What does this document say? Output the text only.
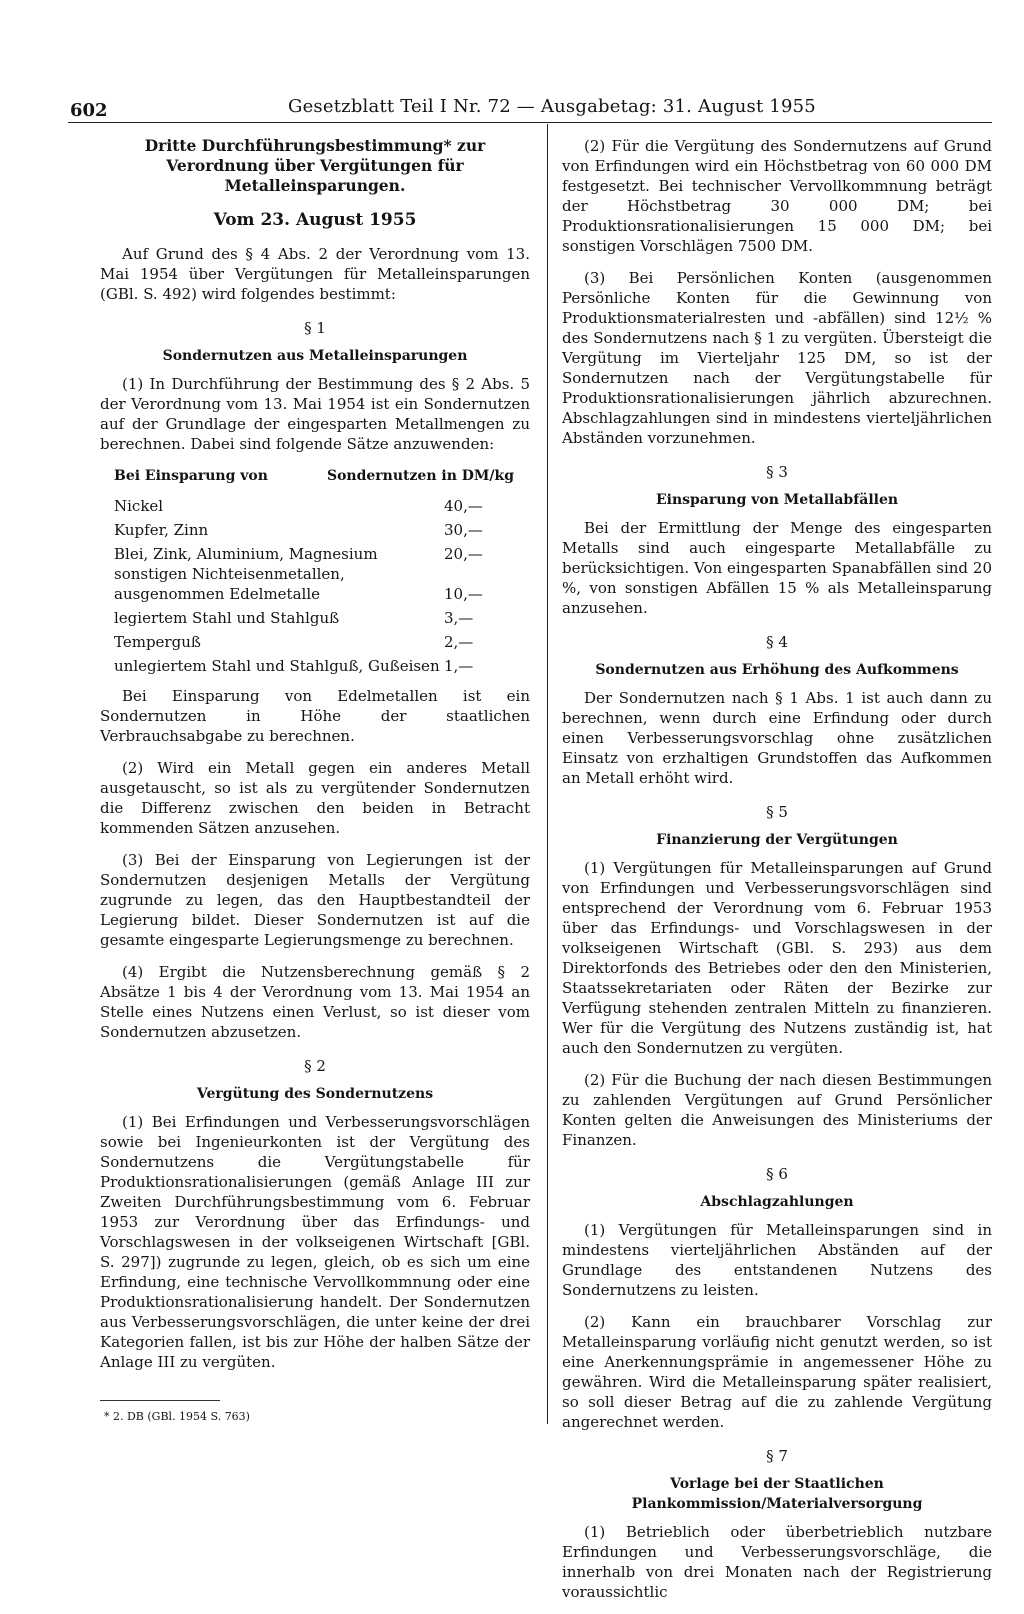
602	Gesetzblatt Teil I Nr. 72 — Ausgabetag: 31. August 1955
Dritte Durchführungsbestimmung* zur Verordnung über Vergütungen für Metalleinsparungen.
Vom 23. August 1955

Auf Grund des § 4 Abs. 2 der Verordnung vom 13. Mai 1954 über Vergütungen für Metalleinsparungen (GBl. S. 492) wird folgendes bestimmt:

§ 1
Sondernutzen aus Metalleinsparungen

(1) In Durchführung der Bestimmung des § 2 Abs. 5 der Verordnung vom 13. Mai 1954 ist ein Sondernutzen auf der Grundlage der eingesparten Metallmengen zu berechnen. Dabei sind folgende Sätze anzuwenden:

Bei Einsparung von	Sondernutzen in DM/kg
Nickel	40,—
Kupfer, Zinn	30,—
Blei, Zink, Aluminium, Magnesium	20,—
sonstigen Nichteisenmetallen, ausgenommen Edelmetalle	10,—
legiertem Stahl und Stahlguß	3,—
Temperguß	2,—
unlegiertem Stahl und Stahlguß, Gußeisen 1,—

Bei Einsparung von Edelmetallen ist ein Sondernutzen in Höhe der staatlichen Verbrauchsabgabe zu berechnen.

(2) Wird ein Metall gegen ein anderes Metall ausgetauscht, so ist als zu vergütender Sondernutzen die Differenz zwischen den beiden in Betracht kommenden Sätzen anzusehen.

(3) Bei der Einsparung von Legierungen ist der Sondernutzen desjenigen Metalls der Vergütung zugrunde zu legen, das den Hauptbestandteil der Legierung bildet. Dieser Sondernutzen ist auf die gesamte eingesparte Legierungsmenge zu berechnen.

(4) Ergibt die Nutzensberechnung gemäß § 2 Absätze 1 bis 4 der Verordnung vom 13. Mai 1954 an Stelle eines Nutzens einen Verlust, so ist dieser vom Sondernutzen abzusetzen.

§ 2
Vergütung des Sondernutzens

(1) Bei Erfindungen und Verbesserungsvorschlägen sowie bei Ingenieurkonten ist der Vergütung des Sondernutzens die Vergütungstabelle für Produktionsrationalisierungen (gemäß Anlage III zur Zweiten Durchführungsbestimmung vom 6. Februar 1953 zur Verordnung über das Erfindungs- und Vorschlagswesen in der volkseigenen Wirtschaft [GBl. S. 297]) zugrunde zu legen, gleich, ob es sich um eine Erfindung, eine technische Vervollkommnung oder eine Produktionsrationalisierung handelt. Der Sondernutzen aus Verbesserungsvorschlägen, die unter keine der drei Kategorien fallen, ist bis zur Höhe der halben Sätze der Anlage III zu vergüten.

(2) Für die Vergütung des Sondernutzens auf Grund von Erfindungen wird ein Höchstbetrag von 60 000 DM festgesetzt. Bei technischer Vervollkommnung beträgt der Höchstbetrag 30 000 DM; bei Produktionsrationalisierungen 15 000 DM; bei sonstigen Vorschlägen 7500 DM.

(3) Bei Persönlichen Konten (ausgenommen Persönliche Konten für die Gewinnung von Produktionsmaterialresten und -abfällen) sind 12½ % des Sondernutzens nach § 1 zu vergüten. Übersteigt die Vergütung im Vierteljahr 125 DM, so ist der Sondernutzen nach der Vergütungstabelle für Produktionsrationalisierungen jährlich abzurechnen. Abschlagzahlungen sind in mindestens vierteljährlichen Abständen vorzunehmen.

§ 3
Einsparung von Metallabfällen

Bei der Ermittlung der Menge des eingesparten Metalls sind auch eingesparte Metallabfälle zu berücksichtigen. Von eingesparten Spanabfällen sind 20 %, von sonstigen Abfällen 15 % als Metalleinsparung anzusehen.

§ 4
Sondernutzen aus Erhöhung des Aufkommens

Der Sondernutzen nach § 1 Abs. 1 ist auch dann zu berechnen, wenn durch eine Erfindung oder durch einen Verbesserungsvorschlag ohne zusätzlichen Einsatz von erzhaltigen Grundstoffen das Aufkommen an Metall erhöht wird.

§ 5
Finanzierung der Vergütungen

(1) Vergütungen für Metalleinsparungen auf Grund von Erfindungen und Verbesserungsvorschlägen sind entsprechend der Verordnung vom 6. Februar 1953 über das Erfindungs- und Vorschlagswesen in der volkseigenen Wirtschaft (GBl. S. 293) aus dem Direktorfonds des Betriebes oder den den Ministerien, Staatssekretariaten oder Räten der Bezirke zur Verfügung stehenden zentralen Mitteln zu finanzieren. Wer für die Vergütung des Nutzens zuständig ist, hat auch den Sondernutzen zu vergüten.

(2) Für die Buchung der nach diesen Bestimmungen zu zahlenden Vergütungen auf Grund Persönlicher Konten gelten die Anweisungen des Ministeriums der Finanzen.

§ 6
Abschlagzahlungen

(1) Vergütungen für Metalleinsparungen sind in mindestens vierteljährlichen Abständen auf der Grundlage des entstandenen Nutzens des Sondernutzens zu leisten.

(2) Kann ein brauchbarer Vorschlag zur Metalleinsparung vorläufig nicht genutzt werden, so ist eine Anerkennungsprämie in angemessener Höhe zu gewähren. Wird die Metalleinsparung später realisiert, so soll dieser Betrag auf die zu zahlende Vergütung angerechnet werden.

§ 7
Vorlage bei der Staatlichen Plankommission/Materialversorgung

(1) Betrieblich oder überbetrieblich nutzbare Erfindungen und Verbesserungsvorschläge, die innerhalb von drei Monaten nach der Registrierung voraussichtlic

* 2. DB (GBl. 1954 S. 763)
